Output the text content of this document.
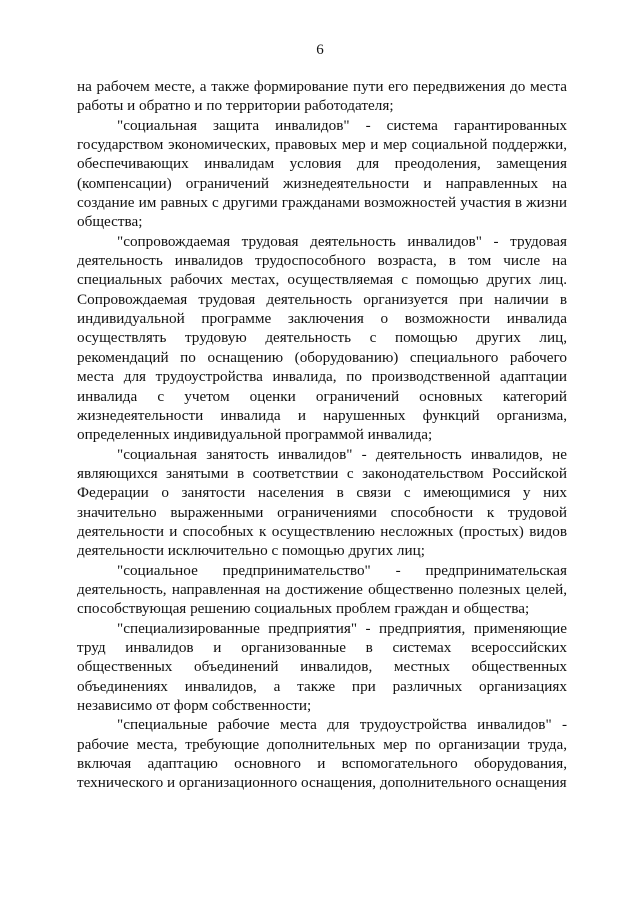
6

на рабочем месте, а также формирование пути его передвижения до места работы и обратно и по территории работодателя;

"социальная защита инвалидов" - система гарантированных государством экономических, правовых мер и мер социальной поддержки, обеспечивающих инвалидам условия для преодоления, замещения (компенсации) ограничений жизнедеятельности и направленных на создание им равных с другими гражданами возможностей участия в жизни общества;

"сопровождаемая трудовая деятельность инвалидов" - трудовая деятельность инвалидов трудоспособного возраста, в том числе на специальных рабочих местах, осуществляемая с помощью других лиц. Сопровождаемая трудовая деятельность организуется при наличии в индивидуальной программе заключения о возможности инвалида осуществлять трудовую деятельность с помощью других лиц, рекомендаций по оснащению (оборудованию) специального рабочего места для трудоустройства инвалида, по производственной адаптации инвалида с учетом оценки ограничений основных категорий жизнедеятельности инвалида и нарушенных функций организма, определенных индивидуальной программой инвалида;

"социальная занятость инвалидов" - деятельность инвалидов, не являющихся занятыми в соответствии с законодательством Российской Федерации о занятости населения в связи с имеющимися у них значительно выраженными ограничениями способности к трудовой деятельности и способных к осуществлению несложных (простых) видов деятельности исключительно с помощью других лиц;

"социальное предпринимательство" - предпринимательская деятельность, направленная на достижение общественно полезных целей, способствующая решению социальных проблем граждан и общества;

"специализированные предприятия" - предприятия, применяющие труд инвалидов и организованные в системах всероссийских общественных объединений инвалидов, местных общественных объединениях инвалидов, а также при различных организациях независимо от форм собственности;

"специальные рабочие места для трудоустройства инвалидов" - рабочие места, требующие дополнительных мер по организации труда, включая адаптацию основного и вспомогательного оборудования, технического и организационного оснащения, дополнительного оснащения
